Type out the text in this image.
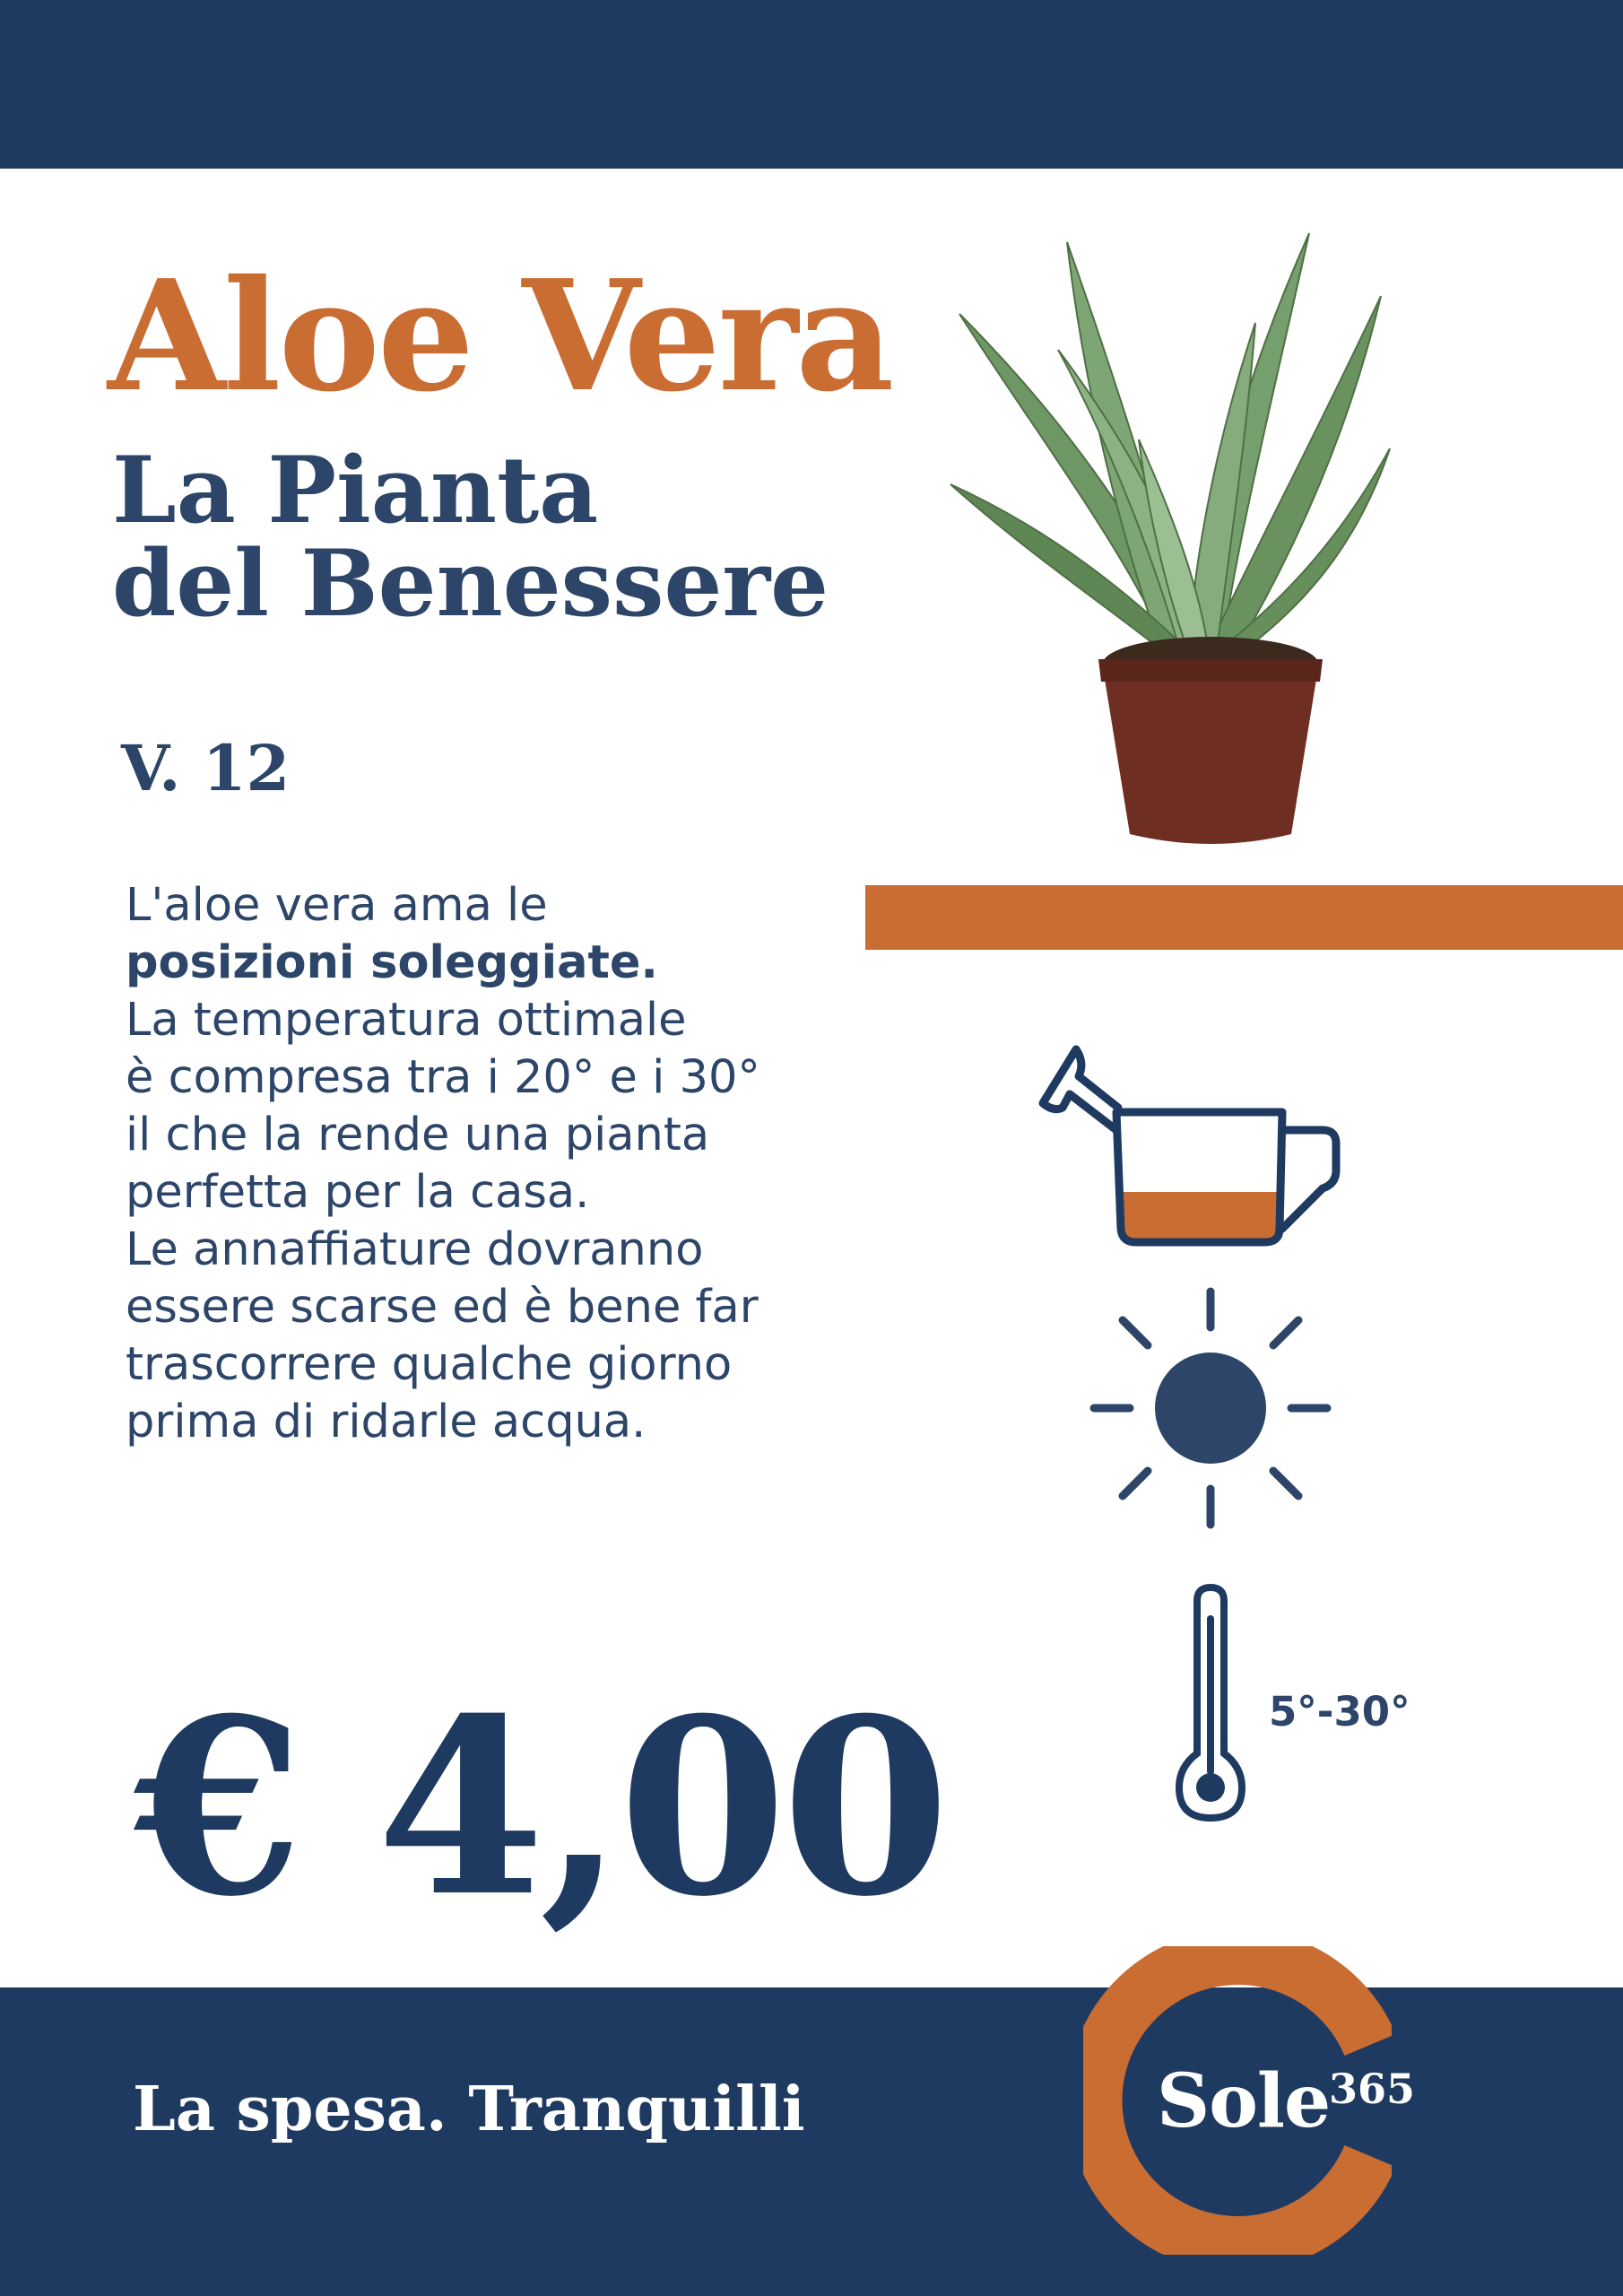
Aloe Vera
La Pianta
del Benessere
V. 12
L'aloe vera ama le
posizioni soleggiate.
La temperatura ottimale
è compresa tra i 20° e i 30°
il che la rende una pianta
perfetta per la casa.
Le annaffiature dovranno
essere scarse ed è bene far
trascorrere qualche giorno
prima di ridarle acqua.
€ 4,00	5°-30°
La spesa. Tranquilli	Sole
365
